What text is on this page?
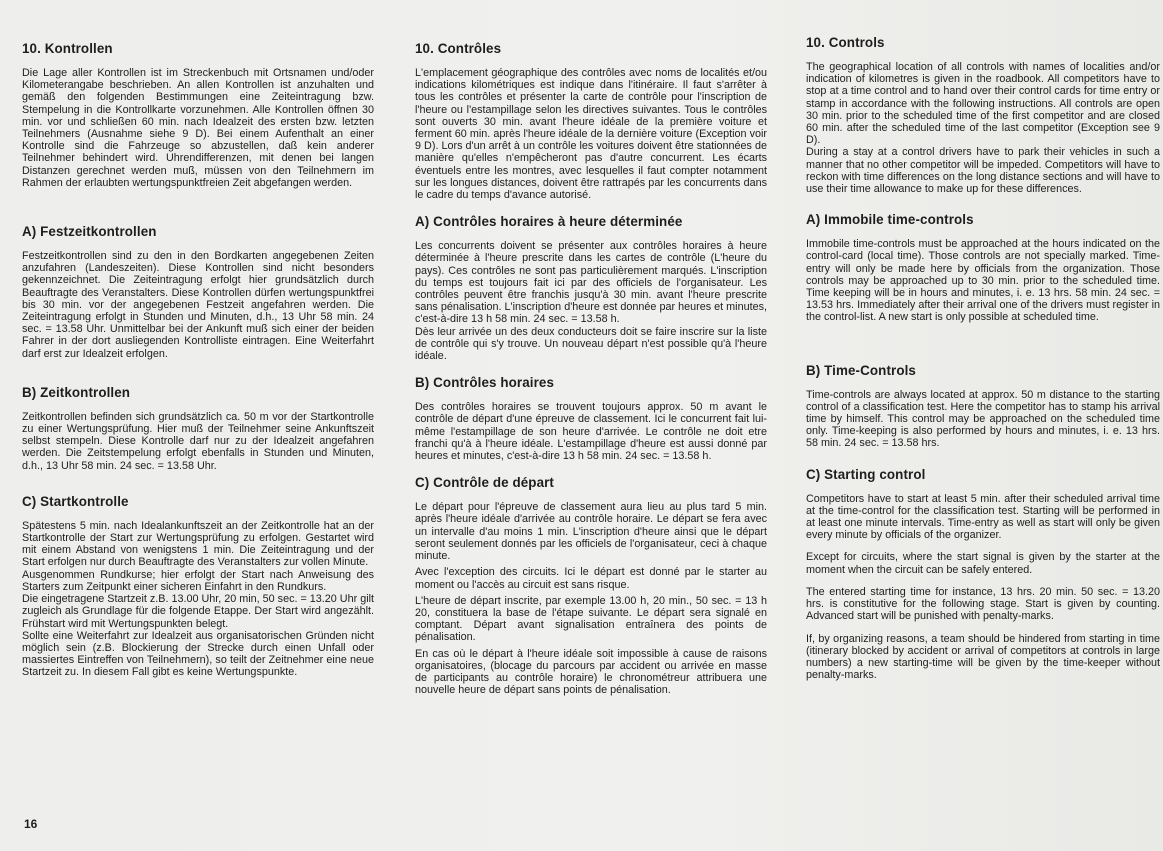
10. Kontrollen
Die Lage aller Kontrollen ist im Streckenbuch mit Ortsnamen und/oder Kilometerangabe beschrieben. An allen Kontrollen ist anzuhalten und gemäß den folgenden Bestimmungen eine Zeiteintragung bzw. Stempelung in die Kontrollkarte vorzunehmen. Alle Kontrollen öffnen 30 min. vor und schließen 60 min. nach Idealzeit des ersten bzw. letzten Teilnehmers (Ausnahme siehe 9 D). Bei einem Aufenthalt an einer Kontrolle sind die Fahrzeuge so abzustellen, daß kein anderer Teilnehmer behindert wird. Uhrendifferenzen, mit denen bei langen Distanzen gerechnet werden muß, müssen von den Teilnehmern im Rahmen der erlaubten wertungspunktfreien Zeit abgefangen werden.
A) Festzeitkontrollen
Festzeitkontrollen sind zu den in den Bordkarten angegebenen Zeiten anzufahren (Landeszeiten). Diese Kontrollen sind nicht besonders gekennzeichnet. Die Zeiteintragung erfolgt hier grundsätzlich durch Beauftragte des Veranstalters. Diese Kontrollen dürfen wertungspunktfrei bis 30 min. vor der angegebenen Festzeit angefahren werden. Die Zeiteintragung erfolgt in Stunden und Minuten, d.h., 13 Uhr 58 min. 24 sec. = 13.58 Uhr. Unmittelbar bei der Ankunft muß sich einer der beiden Fahrer in der dort ausliegenden Kontrolliste eintragen. Eine Weiterfahrt darf erst zur Idealzeit erfolgen.
B) Zeitkontrollen
Zeitkontrollen befinden sich grundsätzlich ca. 50 m vor der Startkontrolle zu einer Wertungsprüfung. Hier muß der Teilnehmer seine Ankunftszeit selbst stempeln. Diese Kontrolle darf nur zu der Idealzeit angefahren werden. Die Zeitstempelung erfolgt ebenfalls in Stunden und Minuten, d.h., 13 Uhr 58 min. 24 sec. = 13.58 Uhr.
C) Startkontrolle
Spätestens 5 min. nach Idealankunftszeit an der Zeitkontrolle hat an der Startkontrolle der Start zur Wertungsprüfung zu erfolgen. Gestartet wird mit einem Abstand von wenigstens 1 min. Die Zeiteintragung und der Start erfolgen nur durch Beauftragte des Veranstalters zur vollen Minute.
Ausgenommen Rundkurse; hier erfolgt der Start nach Anweisung des Starters zum Zeitpunkt einer sicheren Einfahrt in den Rundkurs.
Die eingetragene Startzeit z.B. 13.00 Uhr, 20 min, 50 sec. = 13.20 Uhr gilt zugleich als Grundlage für die folgende Etappe. Der Start wird angezählt. Frühstart wird mit Wertungspunkten belegt.
Sollte eine Weiterfahrt zur Idealzeit aus organisatorischen Gründen nicht möglich sein (z.B. Blockierung der Strecke durch einen Unfall oder massiertes Eintreffen von Teilnehmern), so teilt der Zeitnehmer eine neue Startzeit zu. In diesem Fall gibt es keine Wertungspunkte.
10. Contrôles
L'emplacement géographique des contrôles avec noms de localités et/ou indications kilométriques est indique dans l'itinéraire. Il faut s'arrêter à tous les contrôles et présenter la carte de contrôle pour l'inscription de l'heure ou l'estampillage selon les directives suivantes. Tous le contrôles sont ouverts 30 min. avant l'heure idéale de la première voiture et ferment 60 min. après l'heure idéale de la dernière voiture (Exception voir 9 D). Lors d'un arrêt à un contrôle les voitures doivent être stationnées de manière qu'elles n'empêcheront pas d'autre concurrent. Les écarts éventuels entre les montres, avec lesquelles il faut compter notamment sur les longues distances, doivent être rattrapés par les concurrents dans le cadre du temps d'avance autorisé.
A) Contrôles horaires à heure déterminée
Les concurrents doivent se présenter aux contrôles horaires à heure déterminée à l'heure prescrite dans les cartes de contrôle (L'heure du pays). Ces contrôles ne sont pas particulièrement marqués. L'inscription du temps est toujours fait ici par des officiels de l'organisateur. Les contrôles peuvent être franchis jusqu'à 30 min. avant l'heure prescrite sans pénalisation. L'inscription d'heure est donnée par heures et minutes, c'est-à-dire 13 h 58 min. 24 sec. = 13.58 h.
Dès leur arrivée un des deux conducteurs doit se faire inscrire sur la liste de contrôle qui s'y trouve. Un nouveau départ n'est possible qu'à l'heure idéale.
B) Contrôles horaires
Des contrôles horaires se trouvent toujours approx. 50 m avant le contrôle de départ d'une épreuve de classement. Ici le concurrent fait lui-même l'estampillage de son heure d'arrivée. Le contrôle ne doit etre franchi qu'à à l'heure idéale. L'estampillage d'heure est aussi donné par heures et minutes, c'est-à-dire 13 h 58 min. 24 sec. = 13.58 h.
C) Contrôle de départ
Le départ pour l'épreuve de classement aura lieu au plus tard 5 min. après l'heure idéale d'arrivée au contrôle horaire. Le départ se fera avec un intervalle d'au moins 1 min. L'inscription d'heure ainsi que le départ seront seulement donnés par les officiels de l'organisateur, ceci à chaque minute.
Avec l'exception des circuits. Ici le départ est donné par le starter au moment ou l'accès au circuit est sans risque.
L'heure de départ inscrite, par exemple 13.00 h, 20 min., 50 sec. = 13 h 20, constituera la base de l'étape suivante. Le départ sera signalé en comptant. Départ avant signalisation entraînera des points de pénalisation.
En cas où le départ à l'heure idéale soit impossible à cause de raisons organisatoires, (blocage du parcours par accident ou arrivée en masse de participants au contrôle horaire) le chronométreur attribuera une nouvelle heure de départ sans points de pénalisation.
10. Controls
The geographical location of all controls with names of localities and/or indication of kilometres is given in the roadbook. All competitors have to stop at a time control and to hand over their control cards for time entry or stamp in accordance with the following instructions. All controls are open 30 min. prior to the scheduled time of the first competitor and are closed 60 min. after the scheduled time of the last competitor (Exception see 9 D).
During a stay at a control drivers have to park their vehicles in such a manner that no other competitor will be impeded. Competitors will have to reckon with time differences on the long distance sections and will have to use their time allowance to make up for these differences.
A) Immobile time-controls
Immobile time-controls must be approached at the hours indicated on the control-card (local time). Those controls are not specially marked. Time-entry will only be made here by officials from the organization. Those controls may be approached up to 30 min. prior to the scheduled time. Time keeping will be in hours and minutes, i. e. 13 hrs. 58 min. 24 sec. = 13.53 hrs. Immediately after their arrival one of the drivers must register in the control-list. A new start is only possible at scheduled time.
B) Time-Controls
Time-controls are always located at approx. 50 m distance to the starting control of a classification test. Here the competitor has to stamp his arrival time by himself. This control may be approached on the scheduled time only. Time-keeping is also performed by hours and minutes, i. e. 13 hrs. 58 min. 24 sec. = 13.58 hrs.
C) Starting control
Competitors have to start at least 5 min. after their scheduled arrival time at the time-control for the classification test. Starting will be performed in at least one minute intervals. Time-entry as well as start will only be given every minute by officials of the organizer.
Except for circuits, where the start signal is given by the starter at the moment when the circuit can be safely entered.
The entered starting time for instance, 13 hrs. 20 min. 50 sec. = 13.20 hrs. is constitutive for the following stage. Start is given by counting. Advanced start will be punished with penalty-marks.
If, by organizing reasons, a team should be hindered from starting in time (itinerary blocked by accident or arrival of competitors at controls in large numbers) a new starting-time will be given by the time-keeper without penalty-marks.
16
